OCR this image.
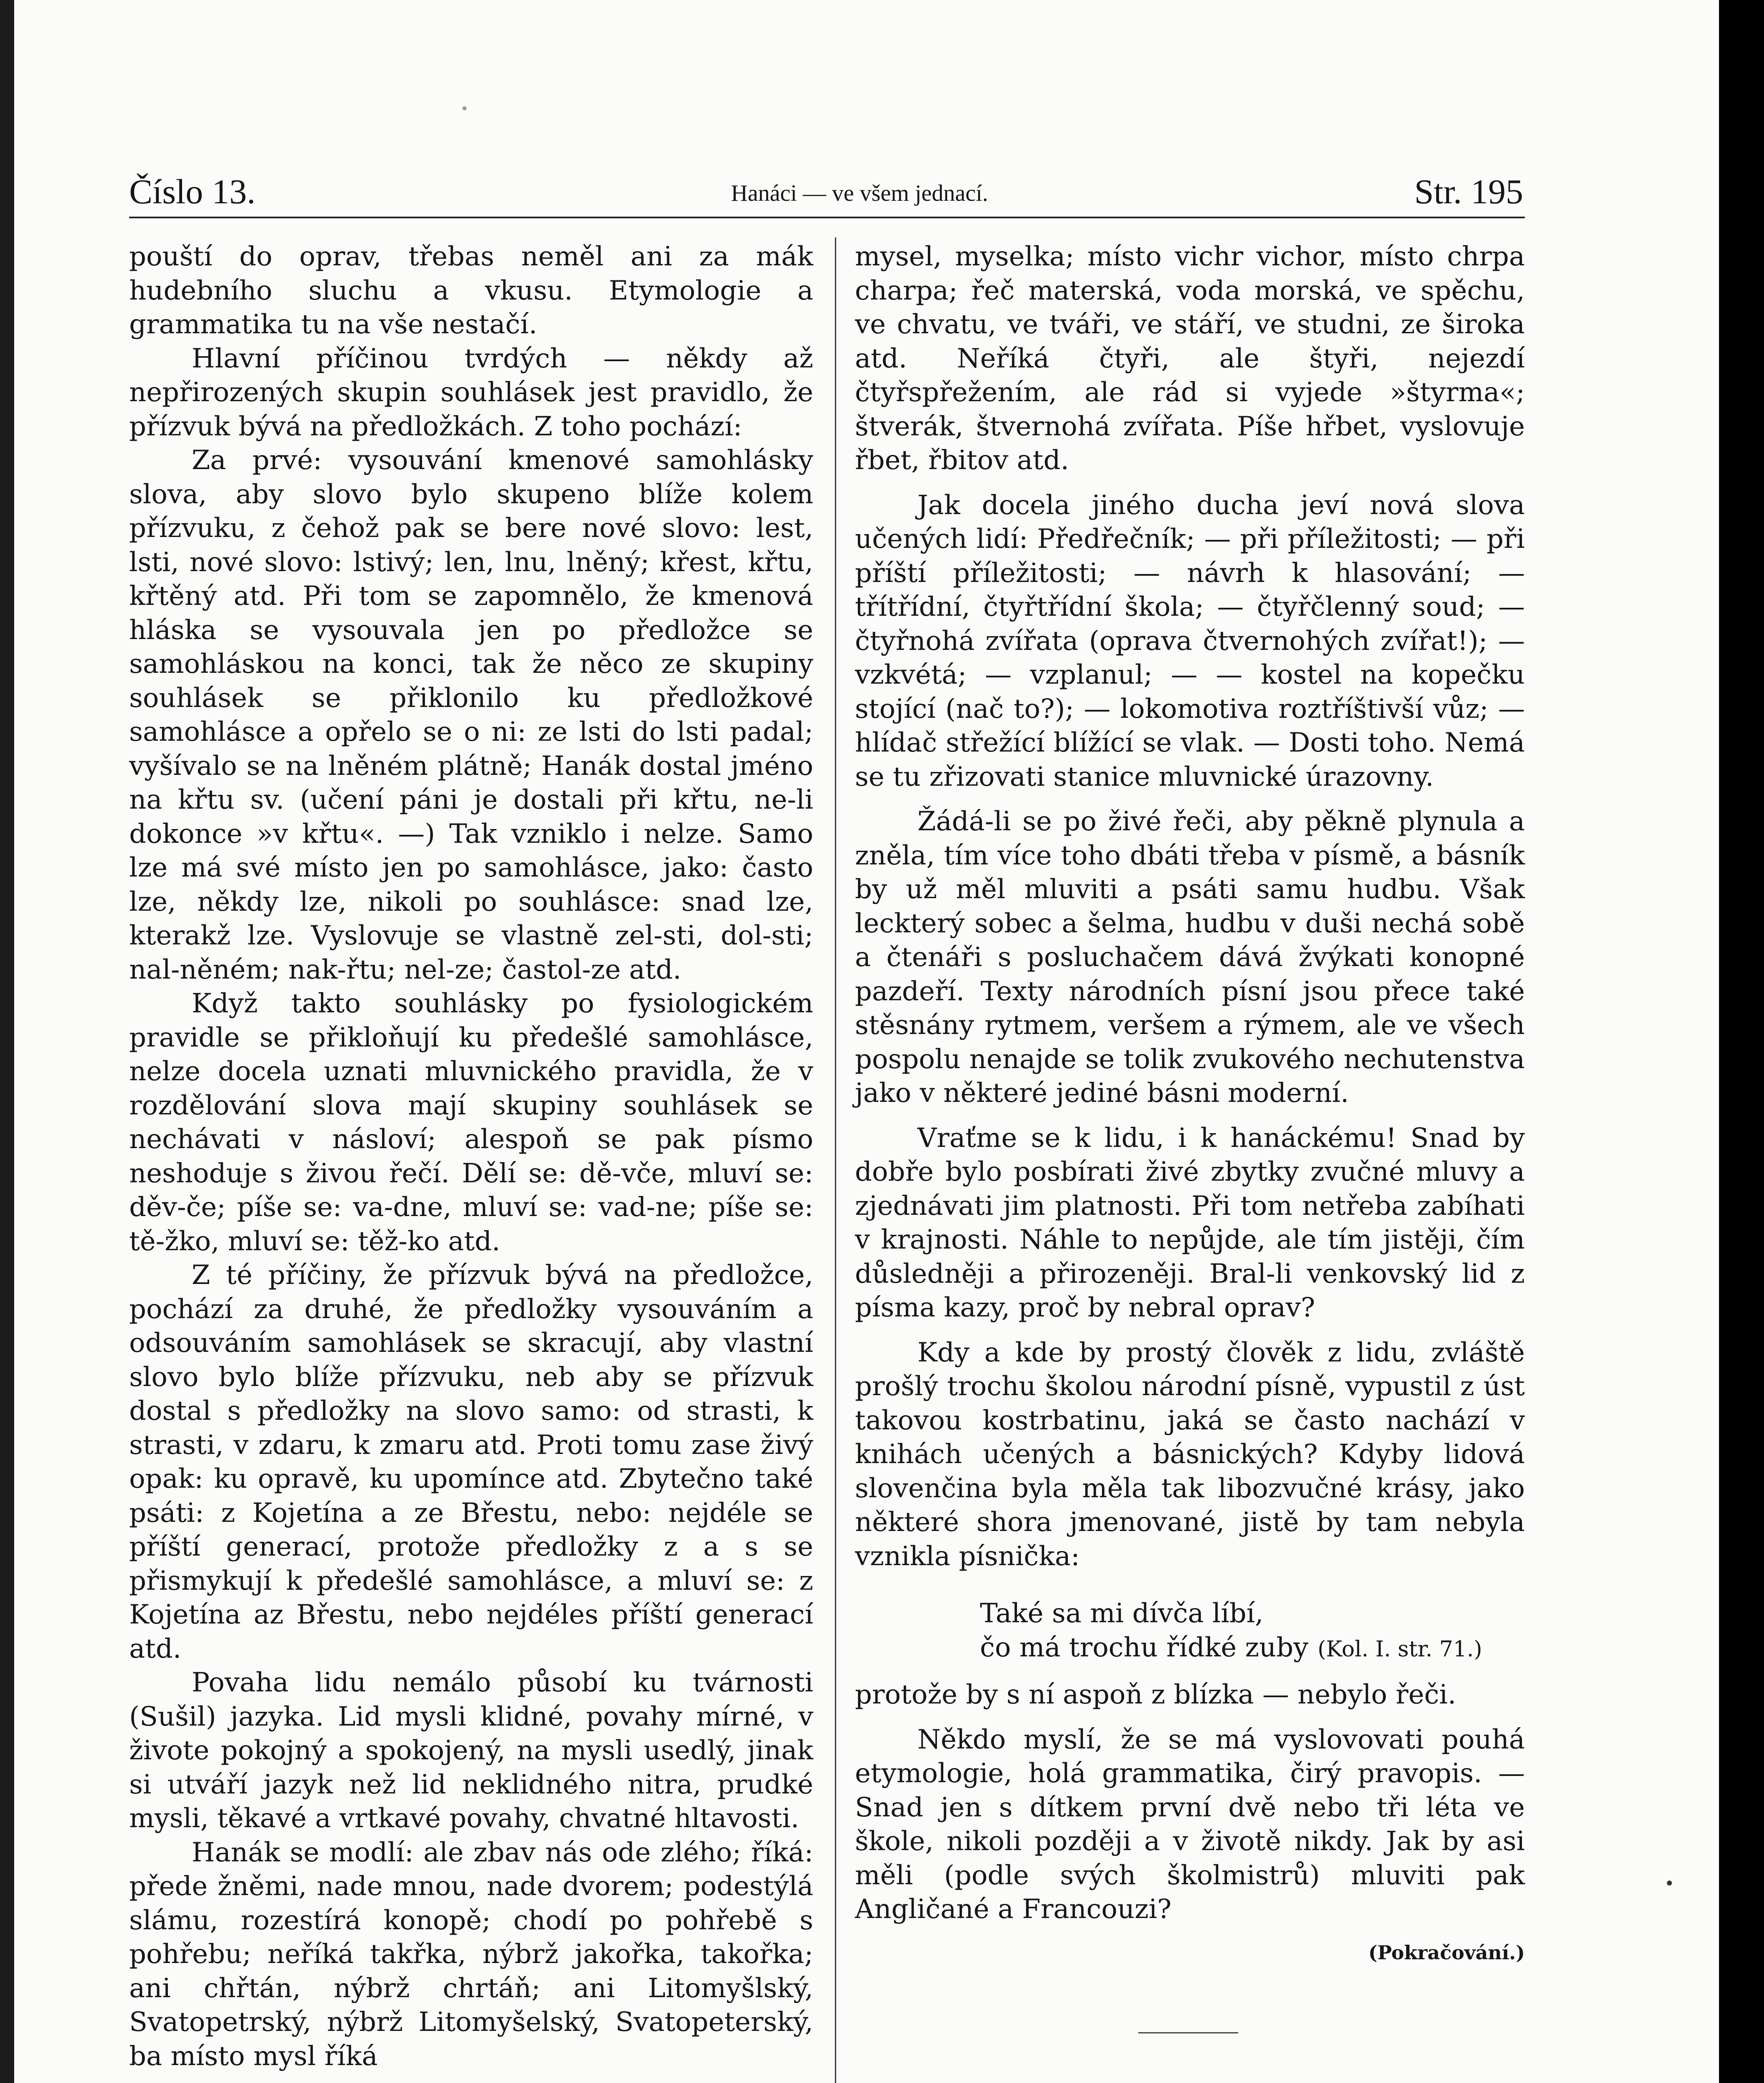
Číslo 13.	Hanáci — ve všem jednací.	Str. 195

pouští do oprav, třebas neměl ani za mák hudebního sluchu a vkusu. Etymologie a grammatika tu na vše nestačí.

Hlavní příčinou tvrdých — někdy až nepřirozených skupin souhlásek jest pravidlo, že přízvuk bývá na předložkách. Z toho pochází:

Za prvé: vysouvání kmenové samohlásky slova, aby slovo bylo skupeno blíže kolem přízvuku, z čehož pak se bere nové slovo: lest, lsti, nové slovo: lstivý; len, lnu, lněný; křest, křtu, křtěný atd. Při tom se zapomnělo, že kmenová hláska se vysouvala jen po předložce se samohláskou na konci, tak že něco ze skupiny souhlásek se přiklonilo ku předložkové samohlásce a opřelo se o ni: ze lsti do lsti padal; vyšívalo se na lněném plátně; Hanák dostal jméno na křtu sv. (učení páni je dostali při křtu, ne-li dokonce »v křtu«. —) Tak vzniklo i nelze. Samo lze má své místo jen po samohlásce, jako: často lze, někdy lze, nikoli po souhlásce: snad lze, kterakž lze. Vyslovuje se vlastně zel-sti, dol-sti; nal-něném; nak-řtu; nel-ze; častol-ze atd.

Když takto souhlásky po fysiologickém pravidle se přikloňují ku předešlé samohlásce, nelze docela uznati mluvnického pravidla, že v rozdělování slova mají skupiny souhlásek se nechávati v násloví; alespoň se pak písmo neshoduje s živou řečí. Dělí se: dě-vče, mluví se: děv-če; píše se: va-dne, mluví se: vad-ne; píše se: tě-žko, mluví se: těž-ko atd.

Z té příčiny, že přízvuk bývá na předložce, pochází za druhé, že předložky vysouváním a odsouváním samohlásek se skracují, aby vlastní slovo bylo blíže přízvuku, neb aby se přízvuk dostal s předložky na slovo samo: od strasti, k strasti, v zdaru, k zmaru atd. Proti tomu zase živý opak: ku opravě, ku upomínce atd. Zbytečno také psáti: z Kojetína a ze Břestu, nebo: nejdéle se příští generací, protože předložky z a s se přismykují k předešlé samohlásce, a mluví se: z Kojetína az Břestu, nebo nejdéles příští generací atd.

Povaha lidu nemálo působí ku tvárnosti (Sušil) jazyka. Lid mysli klidné, povahy mírné, v živote pokojný a spokojený, na mysli usedlý, jinak si utváří jazyk než lid neklidného nitra, prudké mysli, těkavé a vrtkavé povahy, chvatné hltavosti.

Hanák se modlí: ale zbav nás ode zlého; říká: přede žněmi, nade mnou, nade dvorem; podestýlá slámu, rozestírá konopě; chodí po pohřebě s pohřebu; neříká takřka, nýbrž jakořka, takořka; ani chřtán, nýbrž chrtáň; ani Litomyšlský, Svatopetrský, nýbrž Litomyšelský, Svatopeterský, ba místo mysl říká

mysel, myselka; místo vichr vichor, místo chrpa charpa; řeč materská, voda morská, ve spěchu, ve chvatu, ve tváři, ve stáří, ve studni, ze široka atd. Neříká čtyři, ale štyři, nejezdí čtyřspřežením, ale rád si vyjede »štyrma«; štverák, štvernohá zvířata. Píše hřbet, vyslovuje řbet, řbitov atd.

Jak docela jiného ducha jeví nová slova učených lidí: Předřečník; — při příležitosti; — při příští příležitosti; — návrh k hlasování; — třítřídní, čtyřtřídní škola; — čtyřčlenný soud; — čtyřnohá zvířata (oprava čtvernohých zvířat!); — vzkvétá; — vzplanul; — — kostel na kopečku stojící (nač to?); — lokomotiva roztříštivší vůz; — hlídač střežící blížící se vlak. — Dosti toho. Nemá se tu zřizovati stanice mluvnické úrazovny.

Žádá-li se po živé řeči, aby pěkně plynula a zněla, tím více toho dbáti třeba v písmě, a básník by už měl mluviti a psáti samu hudbu. Však leckterý sobec a šelma, hudbu v duši nechá sobě a čtenáři s posluchačem dává žvýkati konopné pazdeří. Texty národních písní jsou přece také stěsnány rytmem, veršem a rýmem, ale ve všech pospolu nenajde se tolik zvukového nechutenstva jako v některé jediné básni moderní.

Vraťme se k lidu, i k hanáckému! Snad by dobře bylo posbírati živé zbytky zvučné mluvy a zjednávati jim platnosti. Při tom netřeba zabíhati v krajnosti. Náhle to nepůjde, ale tím jistěji, čím důsledněji a přirozeněji. Bral-li venkovský lid z písma kazy, proč by nebral oprav?

Kdy a kde by prostý člověk z lidu, zvláště prošlý trochu školou národní písně, vypustil z úst takovou kostrbatinu, jaká se často nachází v knihách učených a básnických? Kdyby lidová slovenčina byla měla tak libozvučné krásy, jako některé shora jmenované, jistě by tam nebyla vznikla písnička:

Také sa mi dívča líbí,
čo má trochu řídké zuby (Kol. I. str. 71.)

protože by s ní aspoň z blízka — nebylo řeči.

Někdo myslí, že se má vyslovovati pouhá etymologie, holá grammatika, čirý pravopis. — Snad jen s dítkem první dvě nebo tři léta ve škole, nikoli později a v životě nikdy. Jak by asi měli (podle svých školmistrů) mluviti pak Angličané a Francouzi?

(Pokračování.)
